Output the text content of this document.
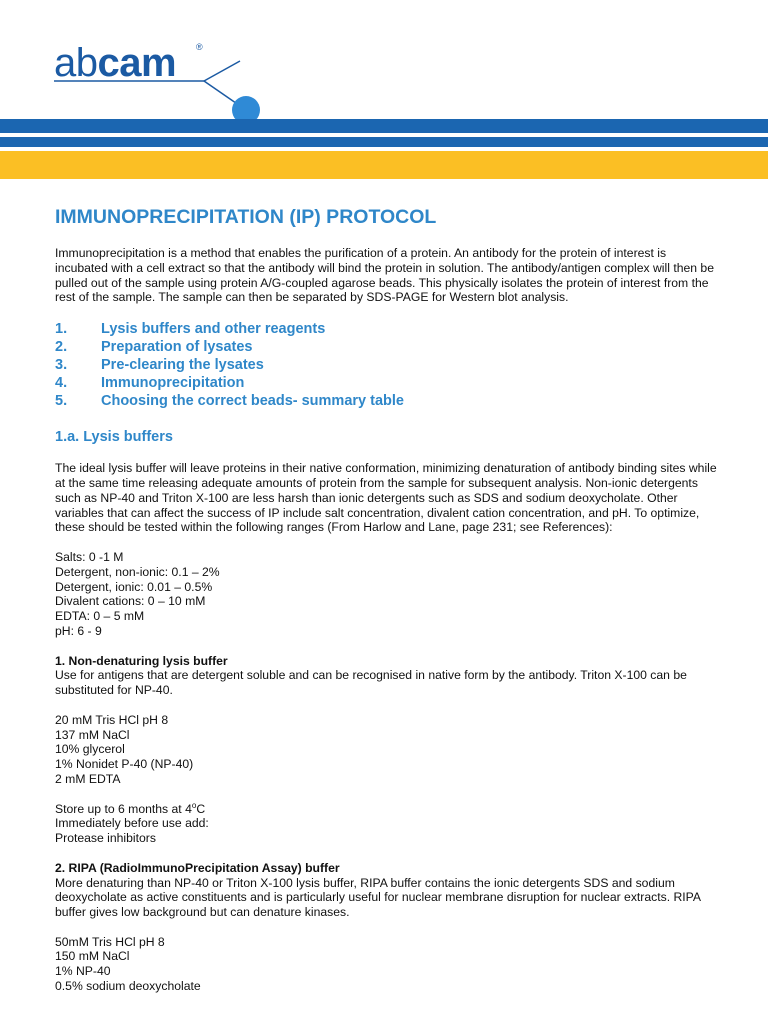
abcam ®
IMMUNOPRECIPITATION (IP) PROTOCOL

Immunoprecipitation is a method that enables the purification of a protein. An antibody for the protein of interest is incubated with a cell extract so that the antibody will bind the protein in solution. The antibody/antigen complex will then be pulled out of the sample using protein A/G-coupled agarose beads. This physically isolates the protein of interest from the rest of the sample. The sample can then be separated by SDS-PAGE for Western blot analysis.

1.	Lysis buffers and other reagents
2.	Preparation of lysates
3.	Pre-clearing the lysates
4.	Immunoprecipitation
5.	Choosing the correct beads- summary table
1.a. Lysis buffers

The ideal lysis buffer will leave proteins in their native conformation, minimizing denaturation of antibody binding sites while at the same time releasing adequate amounts of protein from the sample for subsequent analysis. Non-ionic detergents such as NP-40 and Triton X-100 are less harsh than ionic detergents such as SDS and sodium deoxycholate. Other variables that can affect the success of IP include salt concentration, divalent cation concentration, and pH. To optimize, these should be tested within the following ranges (From Harlow and Lane, page 231; see References):

Salts: 0 -1 M

Detergent, non-ionic: 0.1 – 2%

Detergent, ionic: 0.01 – 0.5%

Divalent cations: 0 – 10 mM

EDTA: 0 – 5 mM

pH: 6 - 9

1. Non-denaturing lysis buffer

Use for antigens that are detergent soluble and can be recognised in native form by the antibody. Triton X-100 can be substituted for NP-40.

20 mM Tris HCl pH 8

137 mM NaCl

10% glycerol

1% Nonidet P-40 (NP-40)

2 mM EDTA

Store up to 6 months at 4$^o$C

Immediately before use add:

Protease inhibitors

2. RIPA (RadioImmunoPrecipitation Assay) buffer

More denaturing than NP-40 or Triton X-100 lysis buffer, RIPA buffer contains the ionic detergents SDS and sodium deoxycholate as active constituents and is particularly useful for nuclear membrane disruption for nuclear extracts. RIPA buffer gives low background but can denature kinases.

50mM Tris HCl pH 8

150 mM NaCl

1% NP-40

0.5% sodium deoxycholate
